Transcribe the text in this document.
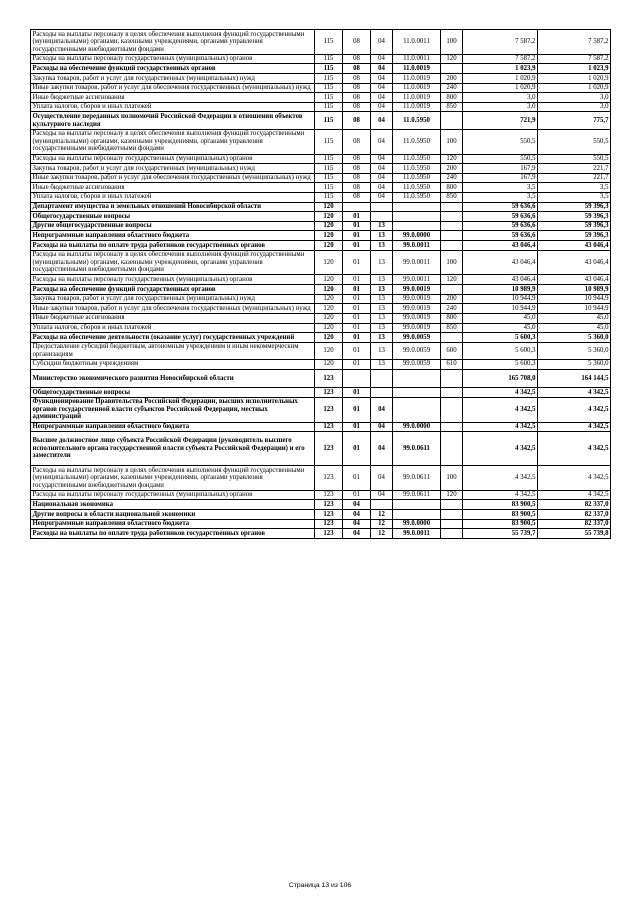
Расходы на выплаты персоналу в целях обеспечения выполнения функций государственными (муниципальными) органами, казенными учреждениями, органами управления государственными внебюджетными фондами	115	08	04	11.0.0011	100	7 587,2	7 587,2
Расходы на выплаты персоналу государственных (муниципальных) органов	115	08	04	11.0.0011	120	7 587,2	7 587,2
Расходы на обеспечение функций государственных органов	115	08	04	11.0.0019		1 023,9	1 023,9
Закупка товаров, работ и услуг для государственных (муниципальных) нужд	115	08	04	11.0.0019	200	1 020,9	1 020,9
Иные закупки товаров, работ и услуг для обеспечения государственных (муниципальных) нужд	115	08	04	11.0.0019	240	1 020,9	1 020,9
Иные бюджетные ассигнования	115	08	04	11.0.0019	800	3,0	3,0
Уплата налогов, сборов и иных платежей	115	08	04	11.0.0019	850	3,0	3,0
Осуществление переданных полномочий Российской Федерации в отношении объектов культурного наследия	115	08	04	11.0.5950		721,9	775,7
Расходы на выплаты персоналу в целях обеспечения выполнения функций государственными (муниципальными) органами, казенными учреждениями, органами управления государственными внебюджетными фондами	115	08	04	11.0.5950	100	550,5	550,5
Расходы на выплаты персоналу государственных (муниципальных) органов	115	08	04	11.0.5950	120	550,5	550,5
Закупка товаров, работ и услуг для государственных (муниципальных) нужд	115	08	04	11.0.5950	200	167,9	221,7
Иные закупки товаров, работ и услуг для обеспечения государственных (муниципальных) нужд	115	08	04	11.0.5950	240	167,9	221,7
Иные бюджетные ассигнования	115	08	04	11.0.5950	800	3,5	3,5
Уплата налогов, сборов и иных платежей	115	08	04	11.0.5950	850	3,5	3,5
Департамент имущества и земельных отношений Новосибирской области	120					59 636,6	59 396,3
Общегосударственные вопросы	120	01				59 636,6	59 396,3
Другие общегосударственные вопросы	120	01	13			59 636,6	59 396,3
Непрограммные направления областного бюджета	120	01	13	99.0.0000		59 636,6	59 396,3
Расходы на выплаты по оплате труда работников государственных органов	120	01	13	99.0.0011		43 046,4	43 046,4
Расходы на выплаты персоналу в целях обеспечения выполнения функций государственными (муниципальными) органами, казенными учреждениями, органами управления государственными внебюджетными фондами	120	01	13	99.0.0011	100	43 046,4	43 046,4
Расходы на выплаты персоналу государственных (муниципальных) органов	120	01	13	99.0.0011	120	43 046,4	43 046,4
Расходы на обеспечение функций государственных органов	120	01	13	99.0.0019		10 989,9	10 989,9
Закупка товаров, работ и услуг для государственных (муниципальных) нужд	120	01	13	99.0.0019	200	10 944,9	10 944,9
Иные закупки товаров, работ и услуг для обеспечения государственных (муниципальных) нужд	120	01	13	99.0.0019	240	10 944,9	10 944,9
Иные бюджетные ассигнования	120	01	13	99.0.0019	800	45,0	45,0
Уплата налогов, сборов и иных платежей	120	01	13	99.0.0019	850	45,0	45,0
Расходы на обеспечение деятельности (оказание услуг) государственных учреждений	120	01	13	99.0.0059		5 600,3	5 360,0
Предоставление субсидий бюджетным, автономным учреждениям и иным некоммерческим организациям	120	01	13	99.0.0059	600	5 600,3	5 360,0
Субсидии бюджетным учреждениям	120	01	13	99.0.0059	610	5 600,3	5 360,0
Министерство экономического развития Новосибирской области	123					165 708,0	164 144,5
Общегосударственные вопросы	123	01				4 342,5	4 342,5
Функционирование Правительства Российской Федерации, высших исполнительных органов государственной власти субъектов Российской Федерации, местных администраций	123	01	04			4 342,5	4 342,5
Непрограммные направления областного бюджета	123	01	04	99.0.0000		4 342,5	4 342,5
Высшее должностное лицо субъекта Российской Федерации (руководитель высшего исполнительного органа государственной власти субъекта Российской Федерации) и его заместители	123	01	04	99.0.0611		4 342,5	4 342,5
Расходы на выплаты персоналу в целях обеспечения выполнения функций государственными (муниципальными) органами, казенными учреждениями, органами управления государственными внебюджетными фондами	123	01	04	99.0.0611	100	4 342,5	4 342,5
Расходы на выплаты персоналу государственных (муниципальных) органов	123	01	04	99.0.0611	120	4 342,5	4 342,5
Национальная экономика	123	04				83 900,5	82 337,0
Другие вопросы в области национальной экономики	123	04	12			83 900,5	82 337,0
Непрограммные направления областного бюджета	123	04	12	99.0.0000		83 900,5	82 337,0
Расходы на выплаты по оплате труда работников государственных органов	123	04	12	99.0.0011		55 739,7	55 739,8
Страница 13 из 106
